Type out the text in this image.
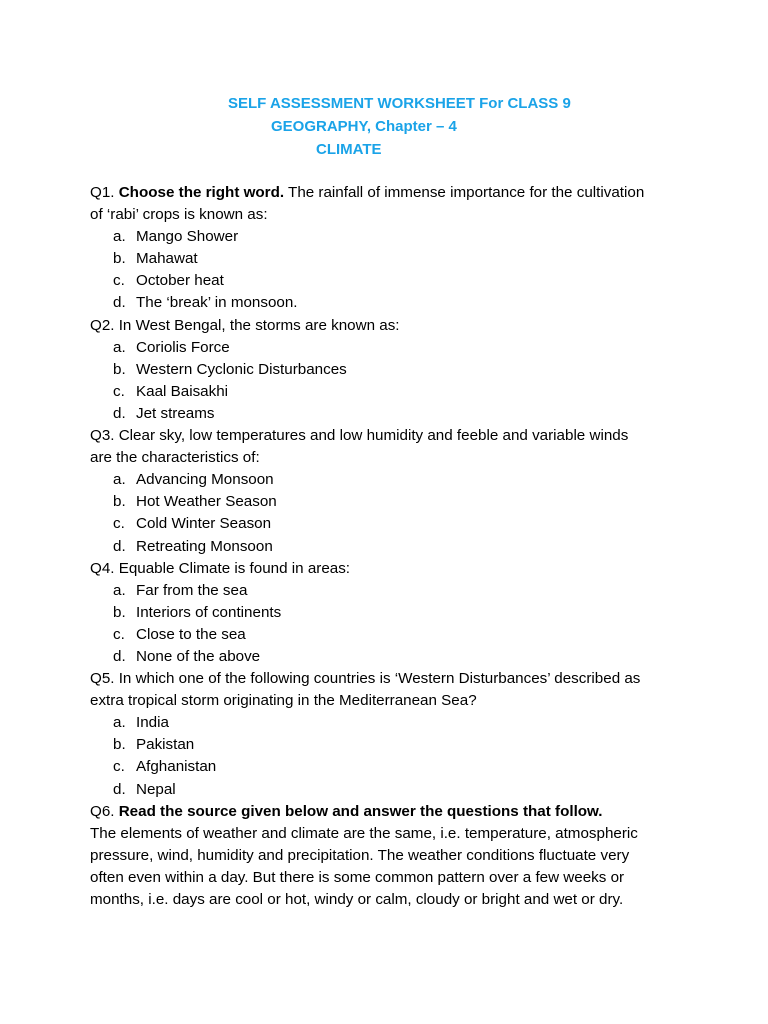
SELF ASSESSMENT WORKSHEET For CLASS 9
GEOGRAPHY, Chapter – 4
CLIMATE
Q1. Choose the right word. The rainfall of immense importance for the cultivation
of ‘rabi’ crops is known as:
a. Mango Shower
b. Mahawat
c. October heat
d. The ‘break’ in monsoon.
Q2. In West Bengal, the storms are known as:
a. Coriolis Force
b. Western Cyclonic Disturbances
c. Kaal Baisakhi
d. Jet streams
Q3. Clear sky, low temperatures and low humidity and feeble and variable winds
are the characteristics of:
a. Advancing Monsoon
b. Hot Weather Season
c. Cold Winter Season
d. Retreating Monsoon
Q4. Equable Climate is found in areas:
a. Far from the sea
b. Interiors of continents
c. Close to the sea
d. None of the above
Q5. In which one of the following countries is ‘Western Disturbances’ described as
extra tropical storm originating in the Mediterranean Sea?
a. India
b. Pakistan
c. Afghanistan
d. Nepal
Q6. Read the source given below and answer the questions that follow.
The elements of weather and climate are the same, i.e. temperature, atmospheric
pressure, wind, humidity and precipitation. The weather conditions fluctuate very
often even within a day. But there is some common pattern over a few weeks or
months, i.e. days are cool or hot, windy or calm, cloudy or bright and wet or dry.
